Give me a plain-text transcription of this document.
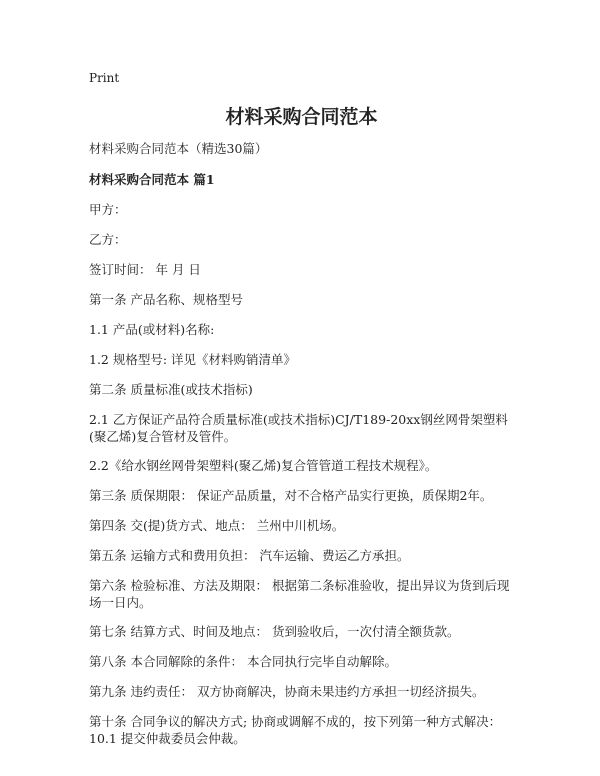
Print

材料采购合同范本

材料采购合同范本（精选30篇）

材料采购合同范本 篇1

甲方：

乙方：

签订时间： 年 月 日

第一条 产品名称、规格型号

1.1 产品(或材料)名称:

1.2 规格型号: 详见《材料购销清单》

第二条 质量标准(或技术指标)

2.1 乙方保证产品符合质量标准(或技术指标)CJ/T189-20xx钢丝网骨架塑料(聚乙烯)复合管材及管件。

2.2《给水钢丝网骨架塑料(聚乙烯)复合管管道工程技术规程》。

第三条 质保期限： 保证产品质量，对不合格产品实行更换，质保期2年。

第四条 交(提)货方式、地点： 兰州中川机场。

第五条 运输方式和费用负担： 汽车运输、费运乙方承担。

第六条 检验标准、方法及期限： 根据第二条标准验收，提出异议为货到后现场一日内。

第七条 结算方式、时间及地点： 货到验收后，一次付清全额货款。

第八条 本合同解除的条件： 本合同执行完毕自动解除。

第九条 违约责任： 双方协商解决，协商未果违约方承担一切经济损失。

第十条 合同争议的解决方式; 协商或调解不成的，按下列第一种方式解决： 10.1 提交仲裁委员会仲裁。
